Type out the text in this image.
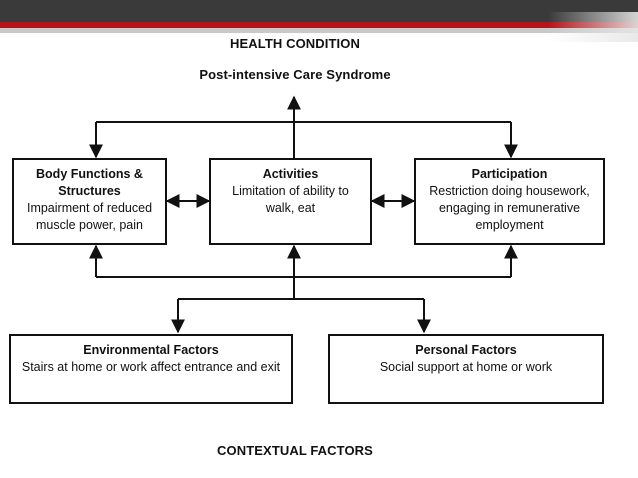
HEALTH CONDITION
Post-intensive Care Syndrome
Body Functions & Structures
Impairment of reduced muscle power, pain
Activities
Limitation of ability to walk, eat
Participation
Restriction doing housework, engaging in remunerative employment
Environmental Factors
Stairs at home or work affect entrance and exit
Personal Factors
Social support at home or work
CONTEXTUAL FACTORS
